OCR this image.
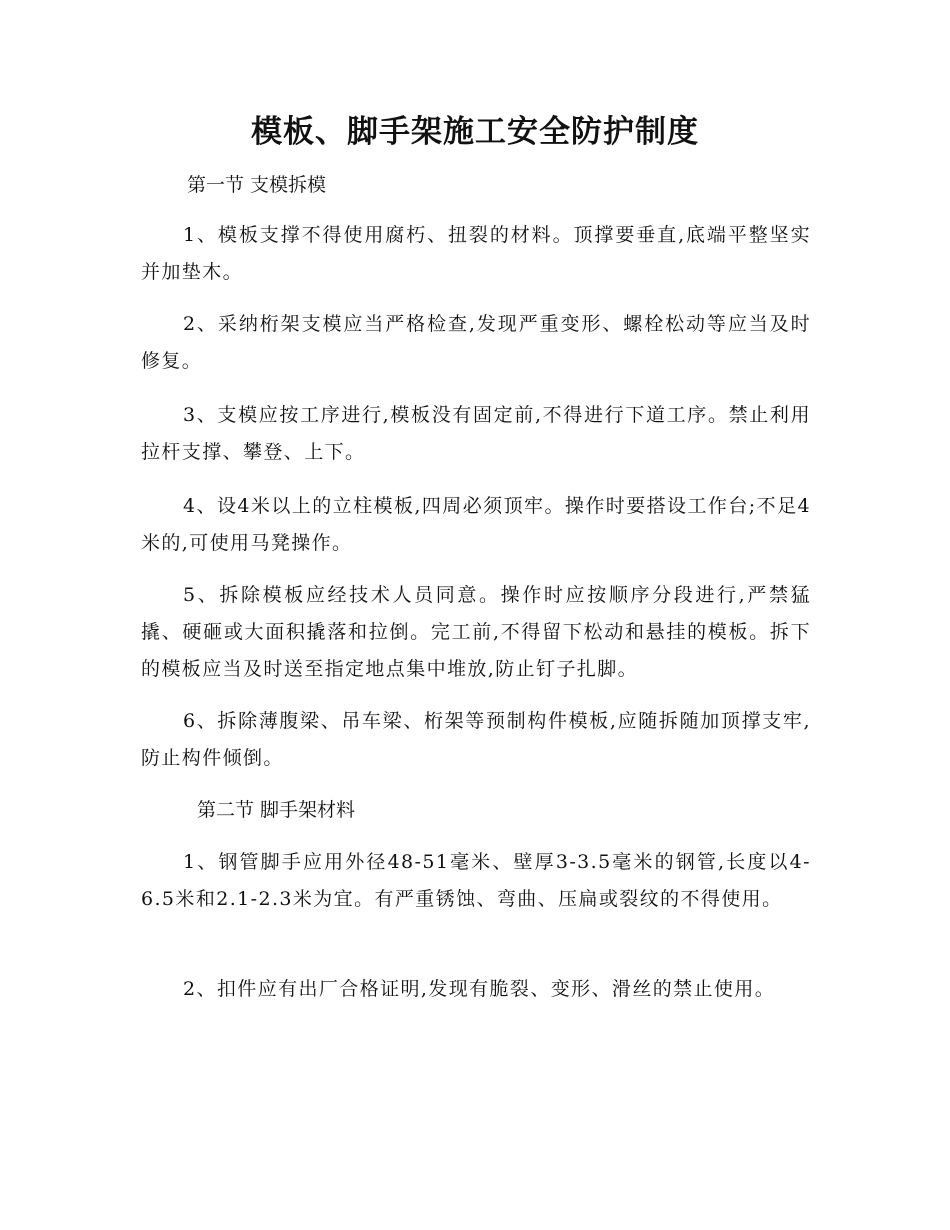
模板、脚手架施工安全防护制度

第一节 支模拆模

1、模板支撑不得使用腐朽、扭裂的材料。顶撑要垂直,底端平整坚实并加垫木。

2、采纳桁架支模应当严格检查,发现严重变形、螺栓松动等应当及时修复。

3、支模应按工序进行,模板没有固定前,不得进行下道工序。禁止利用拉杆支撑、攀登、上下。

4、设4米以上的立柱模板,四周必须顶牢。操作时要搭设工作台;不足4米的,可使用马凳操作。

5、拆除模板应经技术人员同意。操作时应按顺序分段进行,严禁猛撬、硬砸或大面积撬落和拉倒。完工前,不得留下松动和悬挂的模板。拆下的模板应当及时送至指定地点集中堆放,防止钉子扎脚。

6、拆除薄腹梁、吊车梁、桁架等预制构件模板,应随拆随加顶撑支牢,防止构件倾倒。

第二节 脚手架材料

1、钢管脚手应用外径48-51毫米、壁厚3-3.5毫米的钢管,长度以4-6.5米和2.1-2.3米为宜。有严重锈蚀、弯曲、压扁或裂纹的不得使用。

2、扣件应有出厂合格证明,发现有脆裂、变形、滑丝的禁止使用。
